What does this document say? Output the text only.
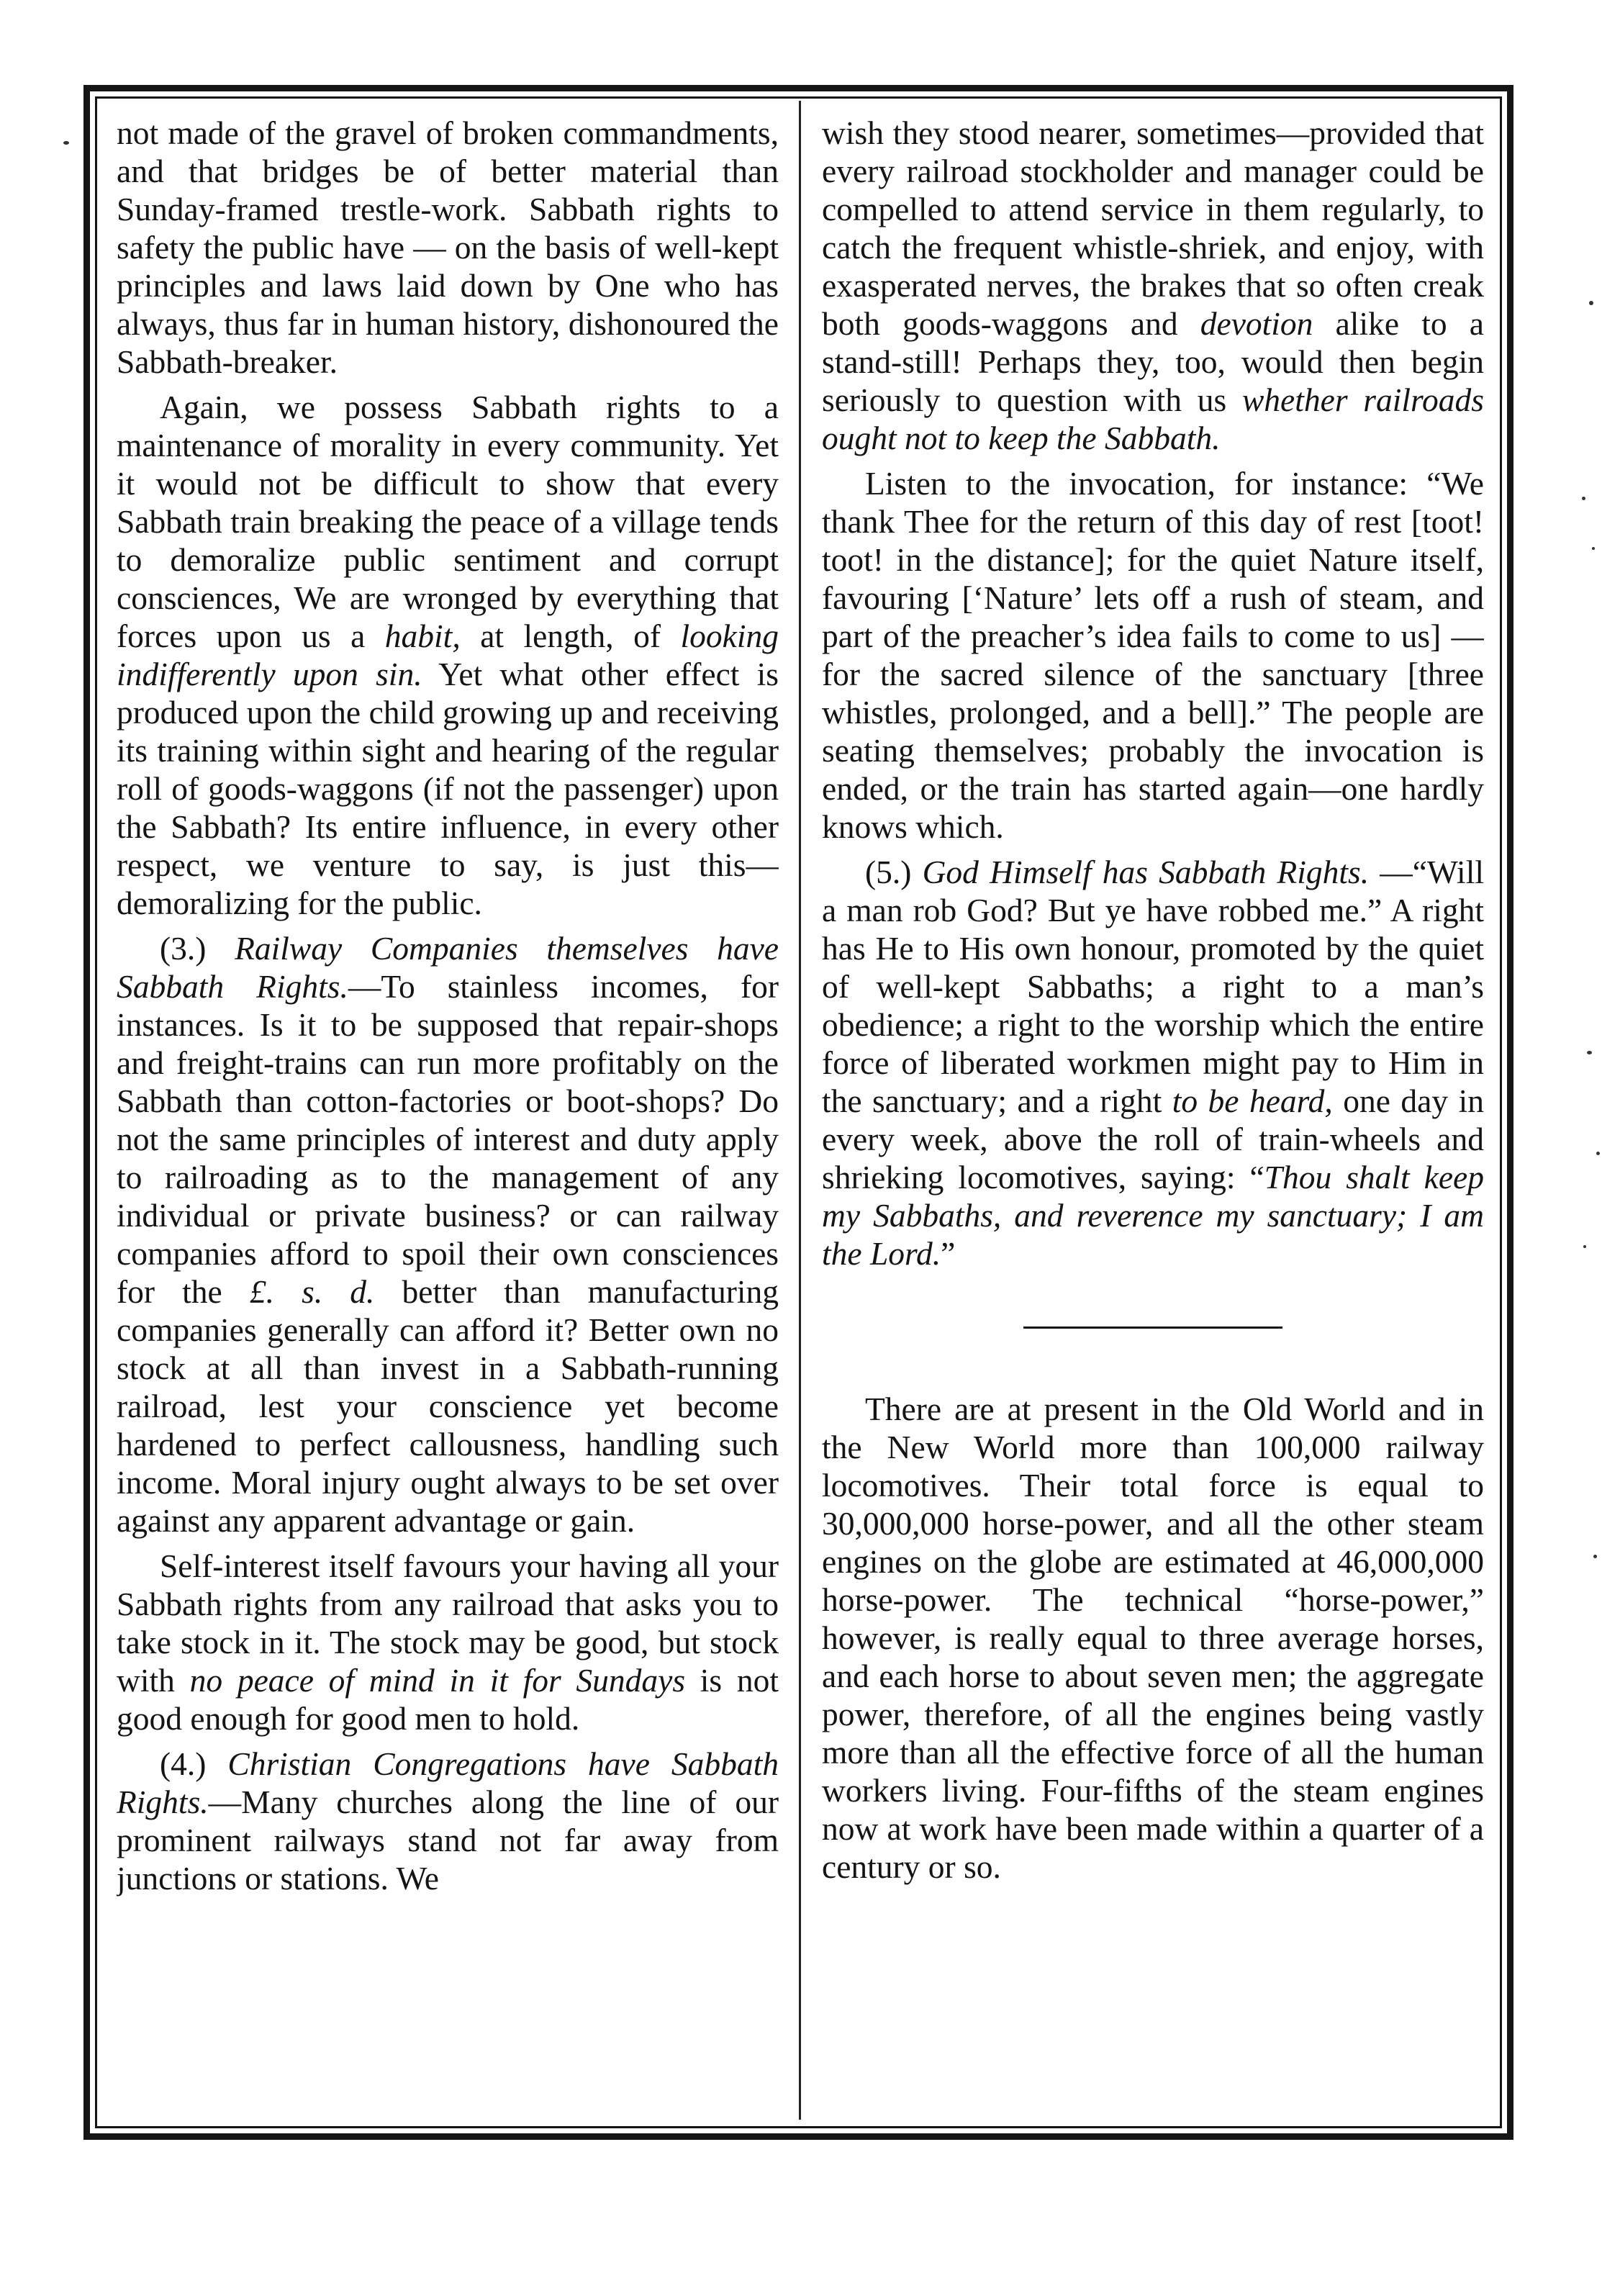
not made of the gravel of broken commandments, and that bridges be of better material than Sunday-framed trestle-work. Sabbath rights to safety the public have — on the basis of well-kept principles and laws laid down by One who has always, thus far in human history, dishonoured the Sabbath-breaker.

Again, we possess Sabbath rights to a maintenance of morality in every community. Yet it would not be difficult to show that every Sabbath train breaking the peace of a village tends to demoralize public sentiment and corrupt consciences, We are wronged by everything that forces upon us a habit, at length, of looking indifferently upon sin. Yet what other effect is produced upon the child growing up and receiving its training within sight and hearing of the regular roll of goods-waggons (if not the passenger) upon the Sabbath? Its entire influence, in every other respect, we venture to say, is just this—demoralizing for the public.

(3.) Railway Companies themselves have Sabbath Rights.—To stainless incomes, for instances. Is it to be supposed that repair-shops and freight-trains can run more profitably on the Sabbath than cotton-factories or boot-shops? Do not the same principles of interest and duty apply to railroading as to the management of any individual or private business? or can railway companies afford to spoil their own consciences for the £. s. d. better than manufacturing companies generally can afford it? Better own no stock at all than invest in a Sabbath-running railroad, lest your conscience yet become hardened to perfect callousness, handling such income. Moral injury ought always to be set over against any apparent advantage or gain.

Self-interest itself favours your having all your Sabbath rights from any railroad that asks you to take stock in it. The stock may be good, but stock with no peace of mind in it for Sundays is not good enough for good men to hold.

(4.) Christian Congregations have Sabbath Rights.—Many churches along the line of our prominent railways stand not far away from junctions or stations. We

wish they stood nearer, sometimes—provided that every railroad stockholder and manager could be compelled to attend service in them regularly, to catch the frequent whistle-shriek, and enjoy, with exasperated nerves, the brakes that so often creak both goods-waggons and devotion alike to a stand-still! Perhaps they, too, would then begin seriously to question with us whether railroads ought not to keep the Sabbath.

Listen to the invocation, for instance: “We thank Thee for the return of this day of rest [toot! toot! in the distance]; for the quiet Nature itself, favouring [‘Nature’ lets off a rush of steam, and part of the preacher’s idea fails to come to us] —for the sacred silence of the sanctuary [three whistles, prolonged, and a bell].” The people are seating themselves; probably the invocation is ended, or the train has started again—one hardly knows which.

(5.) God Himself has Sabbath Rights. —“Will a man rob God? But ye have robbed me.” A right has He to His own honour, promoted by the quiet of well-kept Sabbaths; a right to a man’s obedience; a right to the worship which the entire force of liberated workmen might pay to Him in the sanctuary; and a right to be heard, one day in every week, above the roll of train-wheels and shrieking locomotives, saying: “Thou shalt keep my Sabbaths, and reverence my sanctuary; I am the Lord.”

There are at present in the Old World and in the New World more than 100,000 railway locomotives. Their total force is equal to 30,000,000 horse-power, and all the other steam engines on the globe are estimated at 46,000,000 horse-power. The technical “horse-power,” however, is really equal to three average horses, and each horse to about seven men; the aggregate power, therefore, of all the engines being vastly more than all the effective force of all the human workers living. Four-fifths of the steam engines now at work have been made within a quarter of a century or so.
